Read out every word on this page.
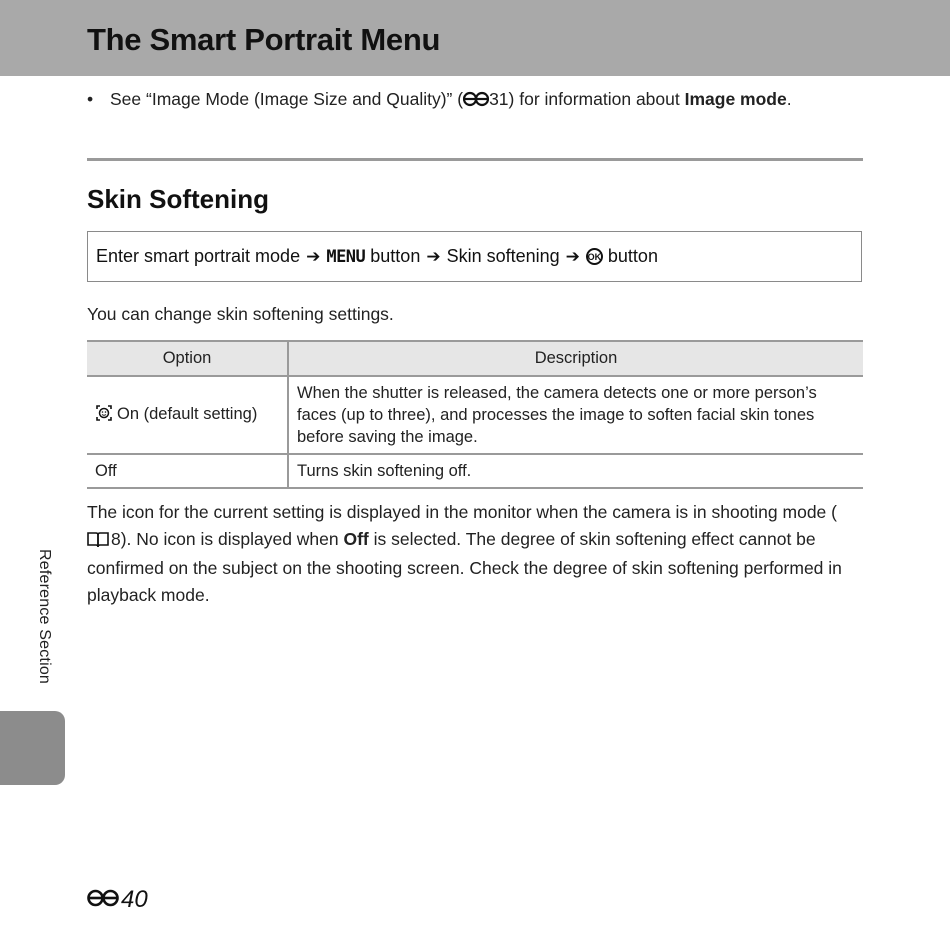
The Smart Portrait Menu
• See “Image Mode (Image Size and Quality)” ( 31) for information about Image mode.
Skin Softening
Enter smart portrait mode ➔ MENU button ➔ Skin softening ➔ OK button
You can change skin softening settings.
Option	Description
On (default setting)	When the shutter is released, the camera detects one or more person’s faces (up to three), and processes the image to soften facial skin tones before saving the image.
Off	Turns skin softening off.
The icon for the current setting is displayed in the monitor when the camera is in shooting mode (8). No icon is displayed when Off is selected. The degree of skin softening effect cannot be confirmed on the subject on the shooting screen. Check the degree of skin softening performed in playback mode.
Reference Section
40
